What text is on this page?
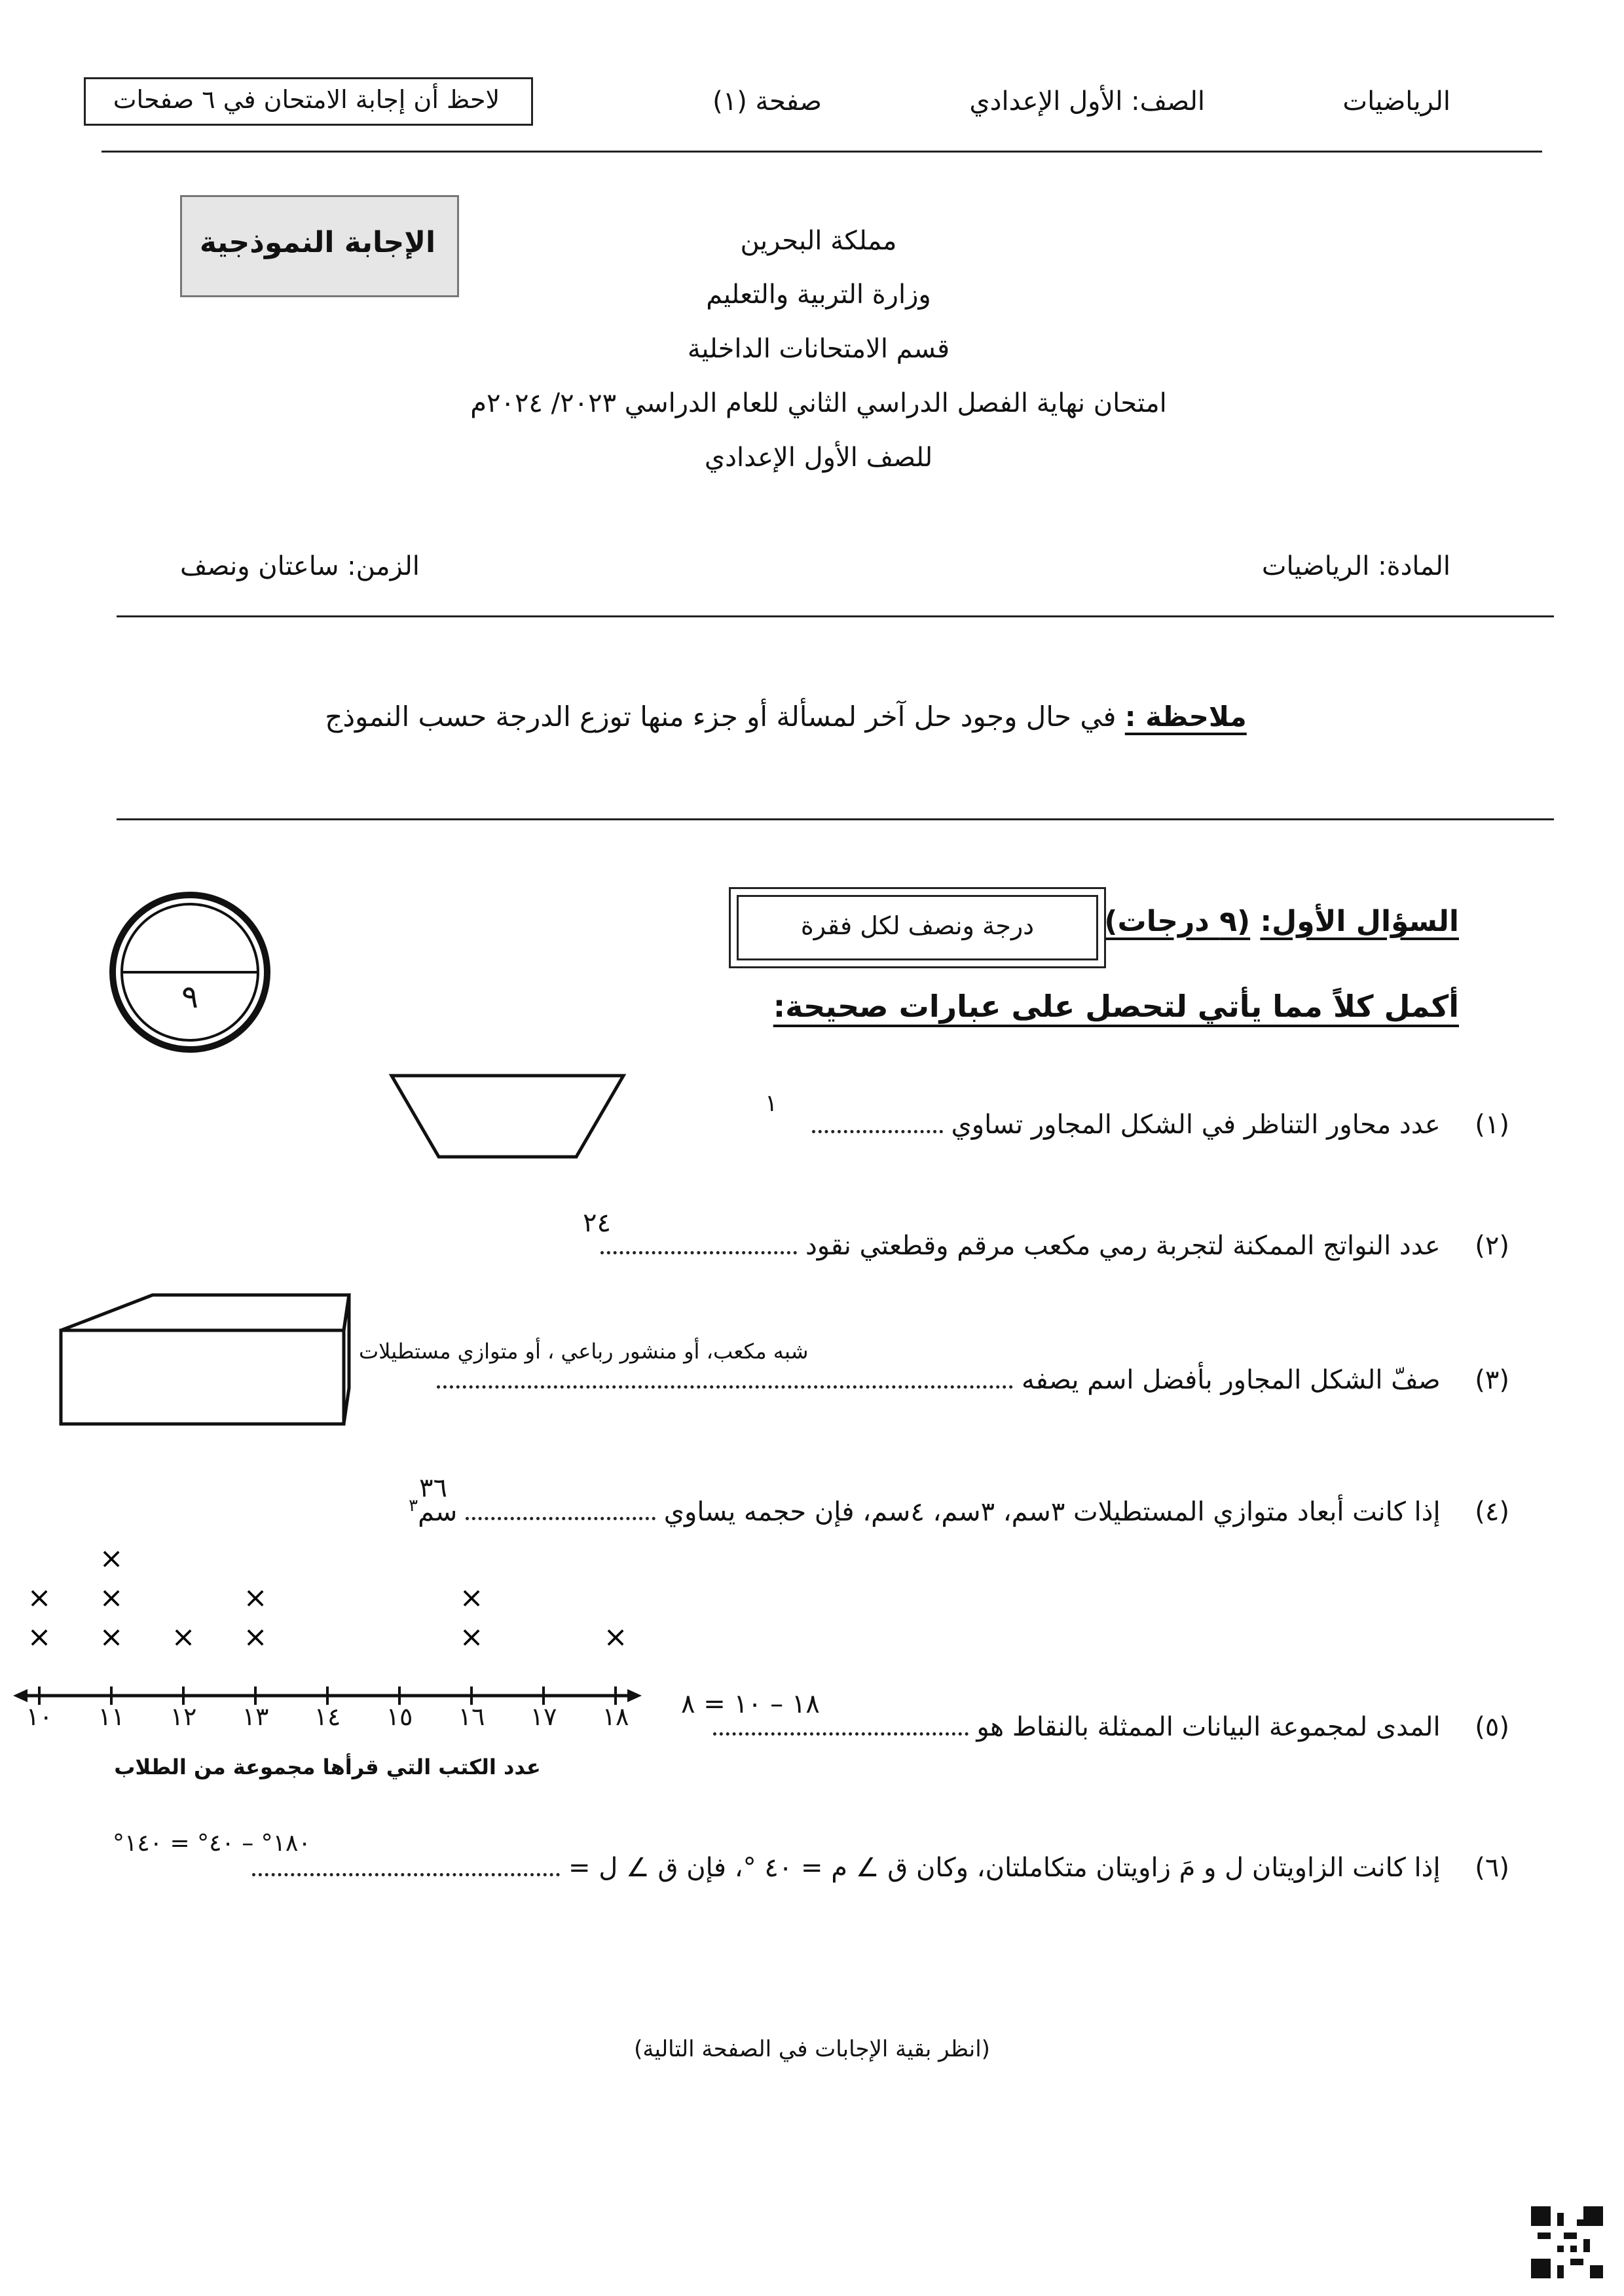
الرياضيات
الصف: الأول الإعدادي
صفحة (١)
لاحظ أن إجابة الامتحان في ٦ صفحات
مملكة البحرين
وزارة التربية والتعليم
قسم الامتحانات الداخلية
امتحان نهاية الفصل الدراسي الثاني للعام الدراسي ٢٠٢٣/ ٢٠٢٤م
للصف الأول الإعدادي
الإجابة النموذجية
المادة: الرياضيات
الزمن: ساعتان ونصف
ملاحظة : في حال وجود حل آخر لمسألة أو جزء منها توزع الدرجة حسب النموذج
السؤال الأول: (٩ درجات)
درجة ونصف لكل فقرة
أكمل كلاً مما يأتي لتحصل على عبارات صحيحة:
٩
(١) عدد محاور التناظر في الشكل المجاور تساوي
١
(٢) عدد النواتج الممكنة لتجربة رمي مكعب مرقم وقطعتي نقود
٢٤
(٣) صفّ الشكل المجاور بأفضل اسم يصفه
شبه مكعب، أو منشور رباعي ، أو متوازي مستطيلات
(٤) إذا كانت أبعاد متوازي المستطيلات ٣سم، ٣سم، ٤سم، فإن حجمه يساوي  سم$^٣$
٣٦
×
×
×
×
×
× ×
×
×
×
×
١٠	١١	١٢	١٣	١٤	١٥	١٦	١٧	١٨
عدد الكتب التي قرأها مجموعة من الطلاب
(٥) المدى لمجموعة البيانات الممثلة بالنقاط هو
١٨ – ١٠ = ٨
(٦) إذا كانت الزاويتان ل و مَ زاويتان متكاملتان، وكان ق ∠ م = ٤٠ °، فإن ق ∠ ل =
١٨٠° – ٤٠° = ١٤٠°
(انظر بقية الإجابات في الصفحة التالية)
